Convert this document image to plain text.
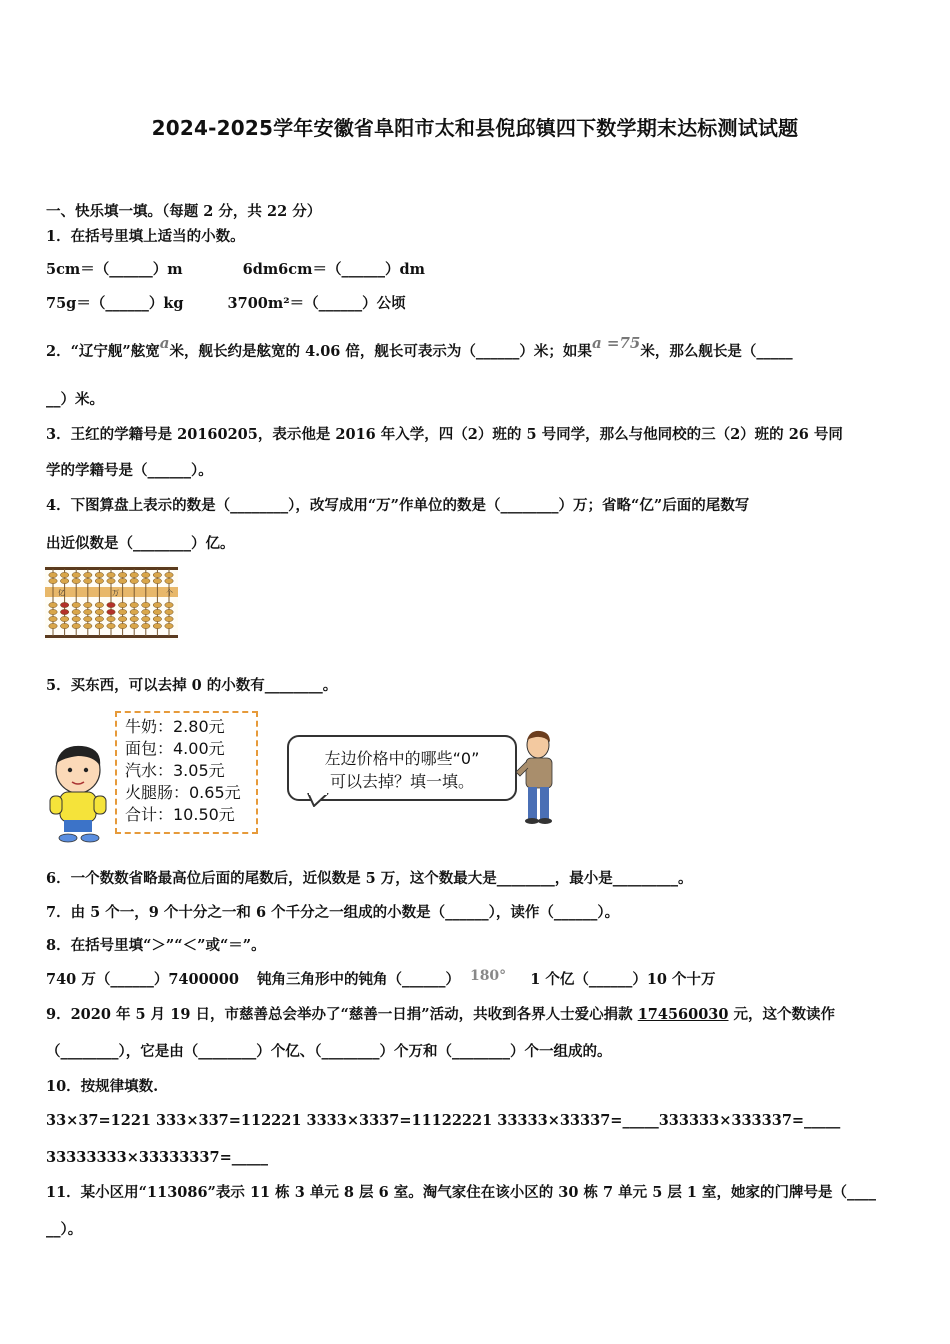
2024-2025学年安徽省阜阳市太和县倪邱镇四下数学期末达标测试试题
一、快乐填一填。（每题 2 分，共 22 分）
1．在括号里填上适当的小数。
5cm＝（______）m	6dm6cm＝（______）dm
75g＝（______）kg	3700m²＝（______）公顷
2．“辽宁舰”舷宽a米，舰长约是舷宽的 4.06 倍，舰长可表示为（______）米；如果a =75米，那么舰长是（_____
__）米。
3．王红的学籍号是 20160205，表示他是 2016 年入学，四（2）班的 5 号同学，那么与他同校的三（2）班的 26 号同
学的学籍号是（______）。
4．下图算盘上表示的数是（________），改写成用“万”作单位的数是（________）万；省略“亿”后面的尾数写
出近似数是（________）亿。
亿	万	个
5．买东西，可以去掉 0 的小数有________。
牛奶：2.80元
面包：4.00元
汽水：3.05元
火腿肠：0.65元
合计：10.50元
左边价格中的哪些“0”
可以去掉？填一填。
6．一个数数省略最高位后面的尾数后，近似数是 5 万，这个数最大是________，最小是_________。
7．由 5 个一，9 个十分之一和 6 个千分之一组成的小数是（______），读作（______）。
8．在括号里填“＞”“＜”或“＝”。
740 万（______）7400000 钝角三角形中的钝角（______） 180° 1 个亿（______）10 个十万
9．2020 年 5 月 19 日，市慈善总会举办了“慈善一日捐”活动，共收到各界人士爱心捐款 174560030 元，这个数读作
（________），它是由（________）个亿、（________）个万和（________）个一组成的。
10．按规律填数.
33×37=1221 333×337=112221 3333×3337=11122221 33333×33337=_____333333×333337=_____
33333333×33333337=_____
11．某小区用“113086”表示 11 栋 3 单元 8 层 6 室。淘气家住在该小区的 30 栋 7 单元 5 层 1 室，她家的门牌号是（____
__）。
